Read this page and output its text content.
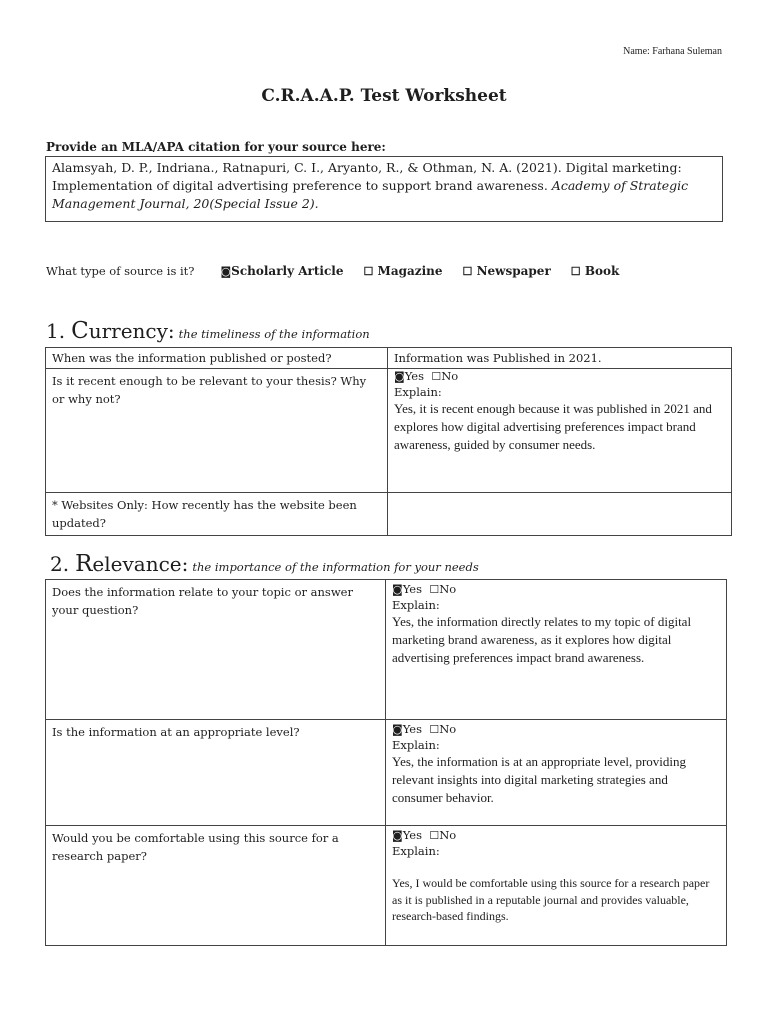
Name: Farhana Suleman
C.R.A.A.P. Test Worksheet
Provide an MLA/APA citation for your source here:
Alamsyah, D. P., Indriana., Ratnapuri, C. I., Aryanto, R., & Othman, N. A. (2021). Digital marketing: Implementation of digital advertising preference to support brand awareness. Academy of Strategic Management Journal, 20(Special Issue 2).
What type of source is it? ◙Scholarly Article ☐ Magazine ☐ Newspaper ☐ Book
1. Currency: the timeliness of the information
When was the information published or posted?	Information was Published in 2021.
Is it recent enough to be relevant to your thesis? Why or why not?	◙Yes ☐No
Explain:
Yes, it is recent enough because it was published in 2021 and explores how digital advertising preferences impact brand awareness, guided by consumer needs.

* Websites Only: How recently has the website been updated?	
2. Relevance: the importance of the information for your needs
Does the information relate to your topic or answer your question?	◙Yes ☐No
Explain:
Yes, the information directly relates to my topic of digital marketing brand awareness, as it explores how digital advertising preferences impact brand awareness.

Is the information at an appropriate level?	◙Yes ☐No
Explain:
Yes, the information is at an appropriate level, providing relevant insights into digital marketing strategies and consumer behavior.

Would you be comfortable using this source for a research paper?	◙Yes ☐No
Explain:
Yes, I would be comfortable using this source for a research paper as it is published in a reputable journal and provides valuable, research-based findings.
